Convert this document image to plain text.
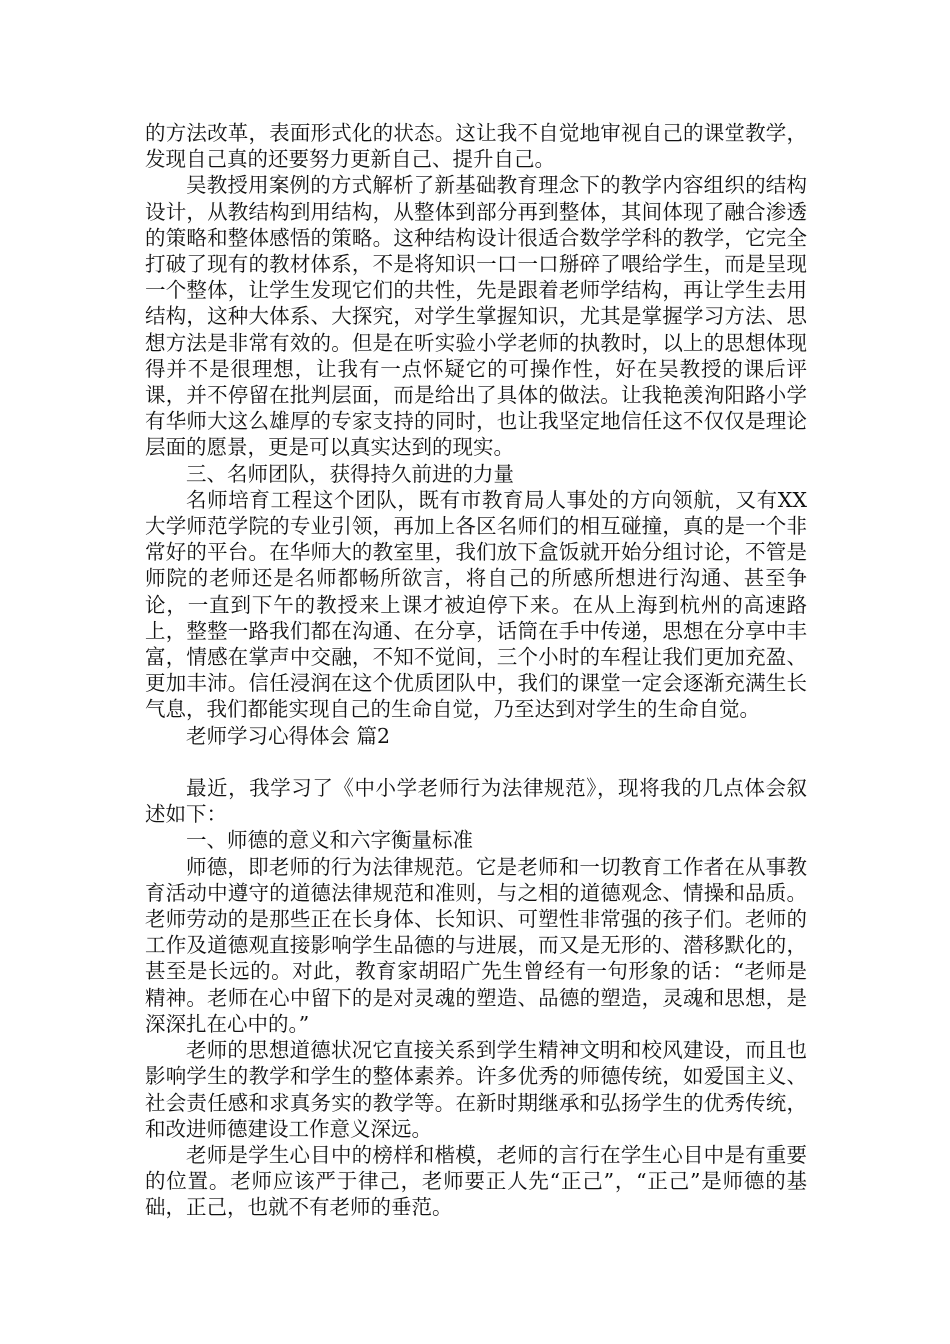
的方法改革，表面形式化的状态。这让我不自觉地审视自己的课堂教学，发现自己真的还要努力更新自己、提升自己。

吴教授用案例的方式解析了新基础教育理念下的教学内容组织的结构设计，从教结构到用结构，从整体到部分再到整体，其间体现了融合渗透的策略和整体感悟的策略。这种结构设计很适合数学学科的教学，它完全打破了现有的教材体系，不是将知识一口一口掰碎了喂给学生，而是呈现一个整体，让学生发现它们的共性，先是跟着老师学结构，再让学生去用结构，这种大体系、大探究，对学生掌握知识，尤其是掌握学习方法、思想方法是非常有效的。但是在听实验小学老师的执教时，以上的思想体现得并不是很理想，让我有一点怀疑它的可操作性，好在吴教授的课后评课，并不停留在批判层面，而是给出了具体的做法。让我艳羡洵阳路小学有华师大这么雄厚的专家支持的同时，也让我坚定地信任这不仅仅是理论层面的愿景，更是可以真实达到的现实。

三、名师团队，获得持久前进的力量

名师培育工程这个团队，既有市教育局人事处的方向领航，又有XX大学师范学院的专业引领，再加上各区名师们的相互碰撞，真的是一个非常好的平台。在华师大的教室里，我们放下盒饭就开始分组讨论，不管是师院的老师还是名师都畅所欲言，将自己的所感所想进行沟通、甚至争论，一直到下午的教授来上课才被迫停下来。在从上海到杭州的高速路上，整整一路我们都在沟通、在分享，话筒在手中传递，思想在分享中丰富，情感在掌声中交融，不知不觉间，三个小时的车程让我们更加充盈、更加丰沛。信任浸润在这个优质团队中，我们的课堂一定会逐渐充满生长气息，我们都能实现自己的生命自觉，乃至达到对学生的生命自觉。

老师学习心得体会 篇2

最近，我学习了《中小学老师行为法律规范》，现将我的几点体会叙述如下：

一、师德的意义和六字衡量标准

师德，即老师的行为法律规范。它是老师和一切教育工作者在从事教育活动中遵守的道德法律规范和准则，与之相的道德观念、情操和品质。老师劳动的是那些正在长身体、长知识、可塑性非常强的孩子们。老师的工作及道德观直接影响学生品德的与进展，而又是无形的、潜移默化的，甚至是长远的。对此，教育家胡昭广先生曾经有一句形象的话：“老师是精神。老师在心中留下的是对灵魂的塑造、品德的塑造，灵魂和思想，是深深扎在心中的。”

老师的思想道德状况它直接关系到学生精神文明和校风建设，而且也影响学生的教学和学生的整体素养。许多优秀的师德传统，如爱国主义、社会责任感和求真务实的教学等。在新时期继承和弘扬学生的优秀传统，和改进师德建设工作意义深远。

老师是学生心目中的榜样和楷模，老师的言行在学生心目中是有重要的位置。老师应该严于律己，老师要正人先“正己”，“正己”是师德的基础，正己，也就不有老师的垂范。
